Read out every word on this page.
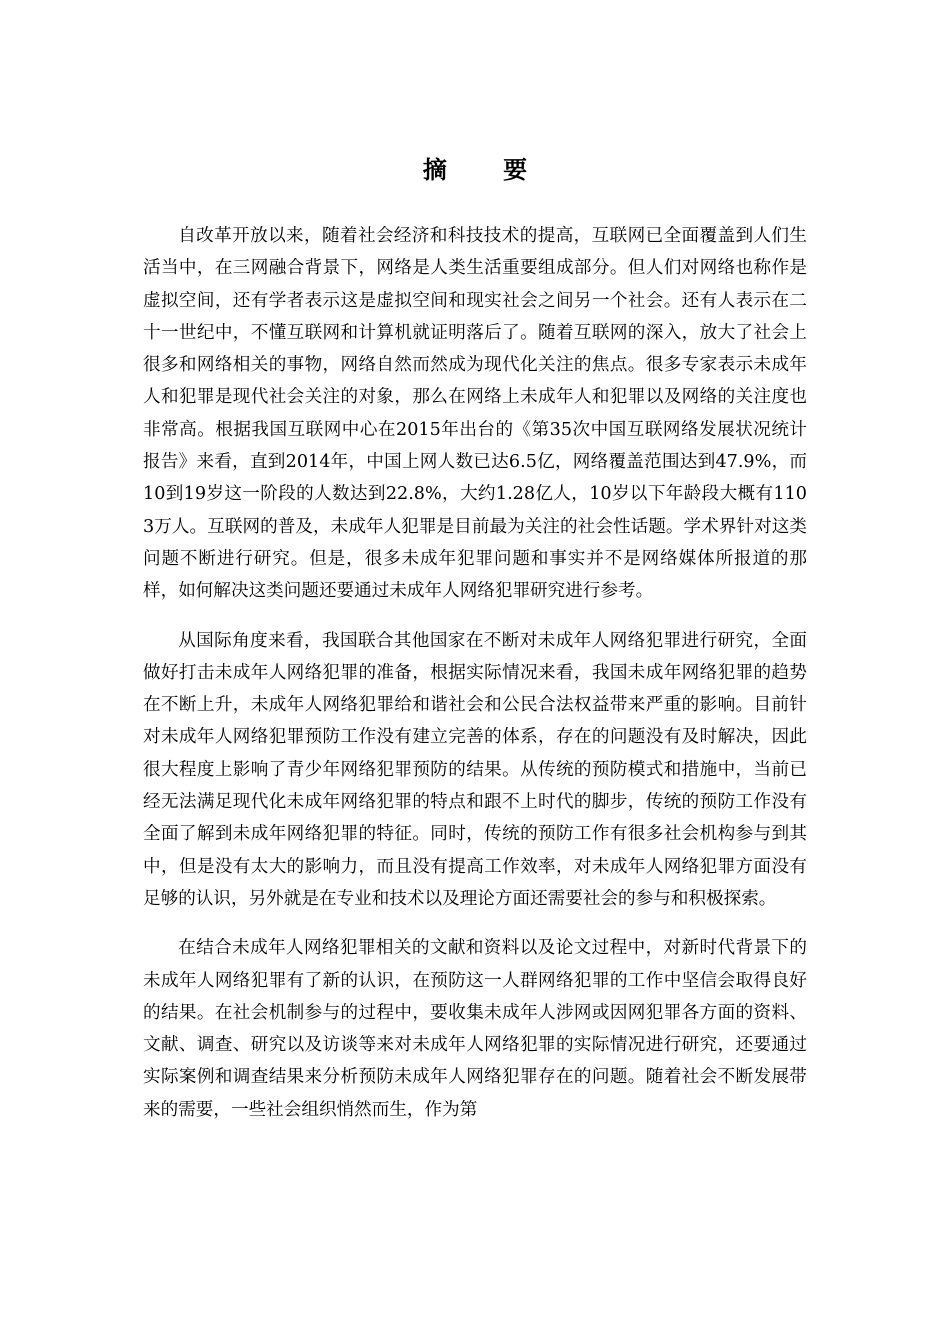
摘 要

自改革开放以来，随着社会经济和科技技术的提高，互联网已全面覆盖到人们生活当中，在三网融合背景下，网络是人类生活重要组成部分。但人们对网络也称作是虚拟空间，还有学者表示这是虚拟空间和现实社会之间另一个社会。还有人表示在二十一世纪中，不懂互联网和计算机就证明落后了。随着互联网的深入，放大了社会上很多和网络相关的事物，网络自然而然成为现代化关注的焦点。很多专家表示未成年人和犯罪是现代社会关注的对象，那么在网络上未成年人和犯罪以及网络的关注度也非常高。根据我国互联网中心在2015年出台的《第35次中国互联网络发展状况统计报告》来看，直到2014年，中国上网人数已达6.5亿，网络覆盖范围达到47.9%，而10到19岁这一阶段的人数达到22.8%，大约1.28亿人，10岁以下年龄段大概有1103万人。互联网的普及，未成年人犯罪是目前最为关注的社会性话题。学术界针对这类问题不断进行研究。但是，很多未成年犯罪问题和事实并不是网络媒体所报道的那样，如何解决这类问题还要通过未成年人网络犯罪研究进行参考。

从国际角度来看，我国联合其他国家在不断对未成年人网络犯罪进行研究，全面做好打击未成年人网络犯罪的准备，根据实际情况来看，我国未成年网络犯罪的趋势在不断上升，未成年人网络犯罪给和谐社会和公民合法权益带来严重的影响。目前针对未成年人网络犯罪预防工作没有建立完善的体系，存在的问题没有及时解决，因此很大程度上影响了青少年网络犯罪预防的结果。从传统的预防模式和措施中，当前已经无法满足现代化未成年网络犯罪的特点和跟不上时代的脚步，传统的预防工作没有全面了解到未成年网络犯罪的特征。同时，传统的预防工作有很多社会机构参与到其中，但是没有太大的影响力，而且没有提高工作效率，对未成年人网络犯罪方面没有足够的认识，另外就是在专业和技术以及理论方面还需要社会的参与和积极探索。

在结合未成年人网络犯罪相关的文献和资料以及论文过程中，对新时代背景下的未成年人网络犯罪有了新的认识，在预防这一人群网络犯罪的工作中坚信会取得良好的结果。在社会机制参与的过程中，要收集未成年人涉网或因网犯罪各方面的资料、文献、调查、研究以及访谈等来对未成年人网络犯罪的实际情况进行研究，还要通过实际案例和调查结果来分析预防未成年人网络犯罪存在的问题。随着社会不断发展带来的需要，一些社会组织悄然而生，作为第
